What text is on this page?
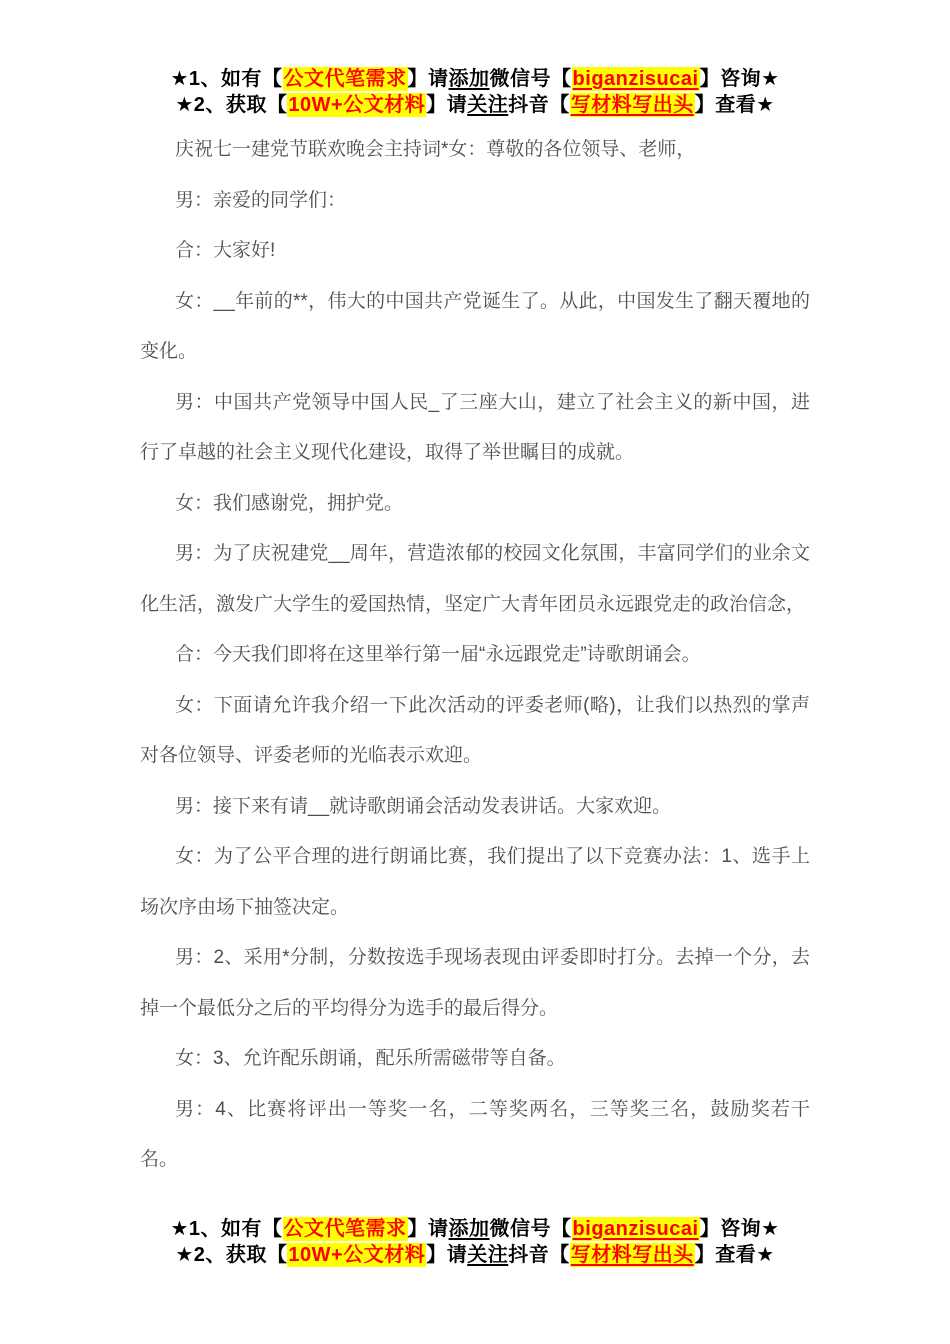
★1、如有【公文代笔需求】请添加微信号【biganzisucai】咨询★
★2、获取【10W+公文材料】请关注抖音【写材料写出头】查看★

庆祝七一建党节联欢晚会主持词*女：尊敬的各位领导、老师，

男：亲爱的同学们：

合：大家好!

女：__年前的**，伟大的中国共产党诞生了。从此，中国发生了翻天覆地的变化。

男：中国共产党领导中国人民_了三座大山，建立了社会主义的新中国，进行了卓越的社会主义现代化建设，取得了举世瞩目的成就。

女：我们感谢党，拥护党。

男：为了庆祝建党__周年，营造浓郁的校园文化氛围，丰富同学们的业余文化生活，激发广大学生的爱国热情，坚定广大青年团员永远跟党走的政治信念，

合：今天我们即将在这里举行第一届“永远跟党走”诗歌朗诵会。

女：下面请允许我介绍一下此次活动的评委老师(略)，让我们以热烈的掌声对各位领导、评委老师的光临表示欢迎。

男：接下来有请__就诗歌朗诵会活动发表讲话。大家欢迎。

女：为了公平合理的进行朗诵比赛，我们提出了以下竞赛办法：1、选手上场次序由场下抽签决定。

男：2、采用*分制，分数按选手现场表现由评委即时打分。去掉一个分，去掉一个最低分之后的平均得分为选手的最后得分。

女：3、允许配乐朗诵，配乐所需磁带等自备。

男：4、比赛将评出一等奖一名，二等奖两名，三等奖三名，鼓励奖若干名。

★1、如有【公文代笔需求】请添加微信号【biganzisucai】咨询★
★2、获取【10W+公文材料】请关注抖音【写材料写出头】查看★
